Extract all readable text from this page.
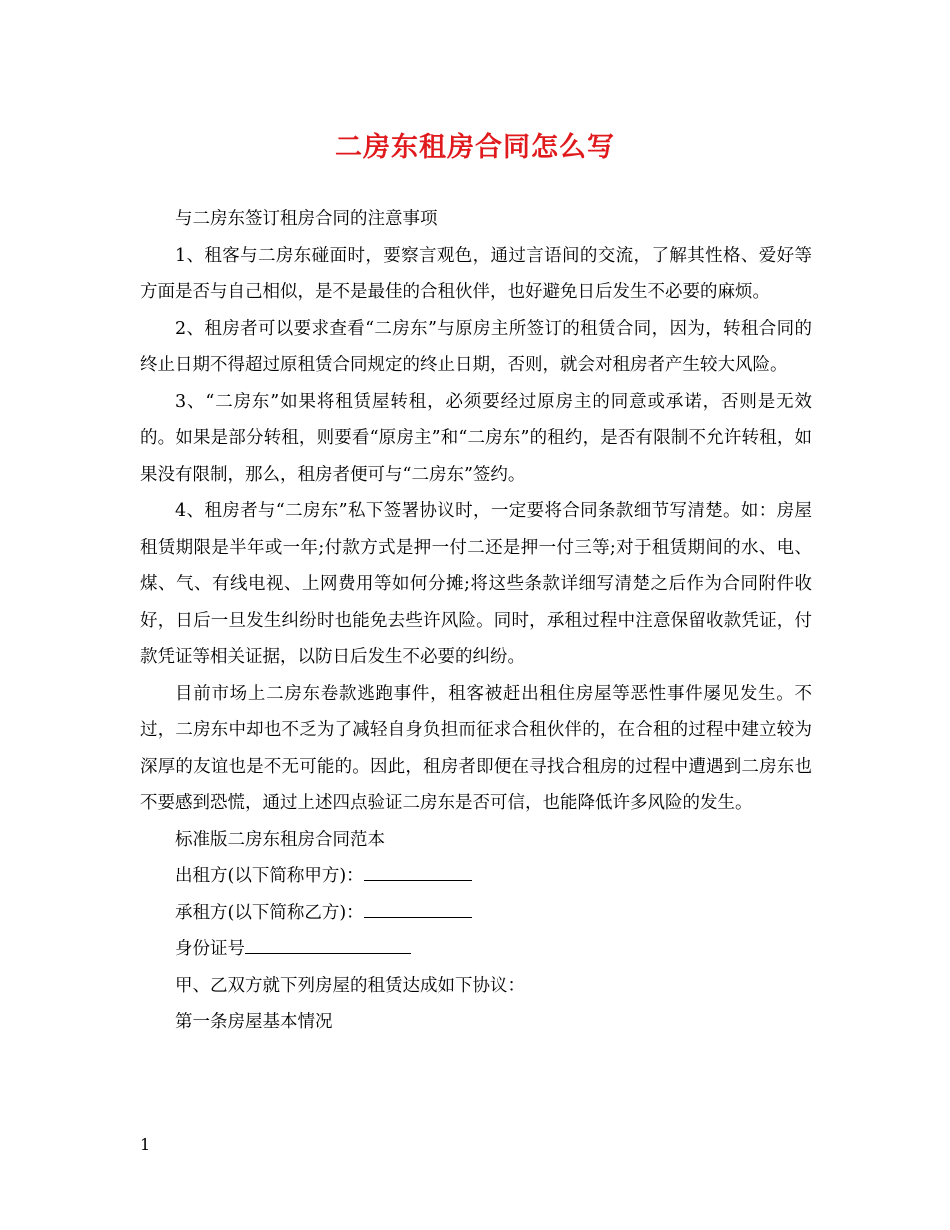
二房东租房合同怎么写

与二房东签订租房合同的注意事项

1、租客与二房东碰面时，要察言观色，通过言语间的交流，了解其性格、爱好等方面是否与自己相似，是不是最佳的合租伙伴，也好避免日后发生不必要的麻烦。

2、租房者可以要求查看“二房东”与原房主所签订的租赁合同，因为，转租合同的终止日期不得超过原租赁合同规定的终止日期，否则，就会对租房者产生较大风险。

3、“二房东”如果将租赁屋转租，必须要经过原房主的同意或承诺，否则是无效的。如果是部分转租，则要看“原房主”和“二房东”的租约，是否有限制不允许转租，如果没有限制，那么，租房者便可与“二房东”签约。

4、租房者与“二房东”私下签署协议时，一定要将合同条款细节写清楚。如：房屋租赁期限是半年或一年;付款方式是押一付二还是押一付三等;对于租赁期间的水、电、煤、气、有线电视、上网费用等如何分摊;将这些条款详细写清楚之后作为合同附件收好，日后一旦发生纠纷时也能免去些许风险。同时，承租过程中注意保留收款凭证，付款凭证等相关证据，以防日后发生不必要的纠纷。

目前市场上二房东卷款逃跑事件，租客被赶出租住房屋等恶性事件屡见发生。不过，二房东中却也不乏为了减轻自身负担而征求合租伙伴的，在合租的过程中建立较为深厚的友谊也是不无可能的。因此，租房者即便在寻找合租房的过程中遭遇到二房东也不要感到恐慌，通过上述四点验证二房东是否可信，也能降低许多风险的发生。

标准版二房东租房合同范本

出租方(以下简称甲方)：

承租方(以下简称乙方)：

身份证号

甲、乙双方就下列房屋的租赁达成如下协议：

第一条房屋基本情况

1
